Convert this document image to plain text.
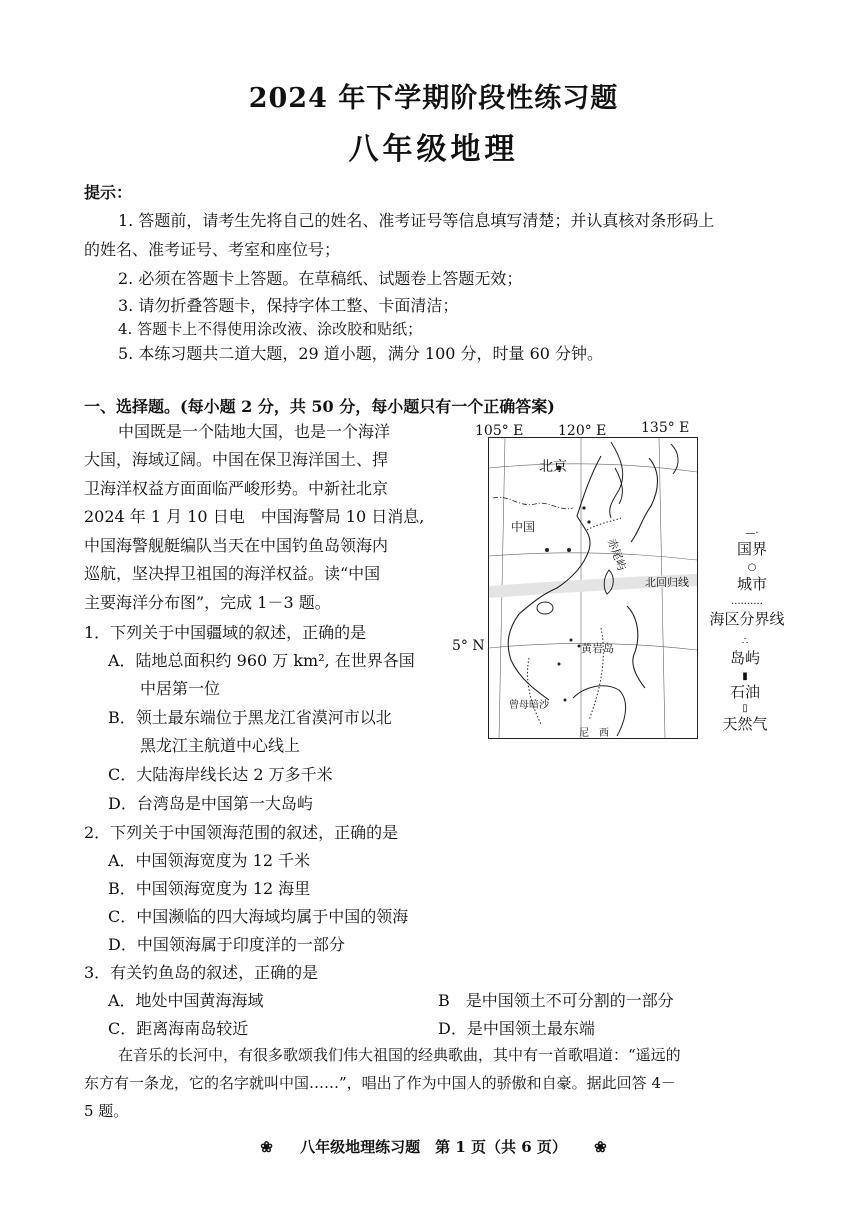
2024 年下学期阶段性练习题
八年级地理
提示：
1. 答题前，请考生先将自己的姓名、准考证号等信息填写清楚；并认真核对条形码上
的姓名、准考证号、考室和座位号；
2. 必须在答题卡上答题。在草稿纸、试题卷上答题无效；
3. 请勿折叠答题卡，保持字体工整、卡面清洁；
4. 答题卡上不得使用涂改液、涂改胶和贴纸；
5. 本练习题共二道大题，29 道小题，满分 100 分，时量 60 分钟。
一、选择题。(每小题 2 分，共 50 分，每小题只有一个正确答案)
中国既是一个陆地大国，也是一个海洋
大国，海域辽阔。中国在保卫海洋国土、捍
卫海洋权益方面面临严峻形势。中新社北京
2024 年 1 月 10 日电　中国海警局 10 日消息,
中国海警舰艇编队当天在中国钓鱼岛领海内
巡航，坚决捍卫祖国的海洋权益。读“中国
主要海洋分布图”，完成 1－3 题。
105° E 120° E 135° E
5° N
北京
中国
赤尾屿
北回归线
黄岩岛
曾母暗沙
尼　西
—·
国界
○
城市
··········
海区分界线
∴
岛屿
▮
石油
▯
天然气
1．下列关于中国疆域的叙述，正确的是
A．陆地总面积约 960 万 km², 在世界各国
中居第一位
B．领土最东端位于黑龙江省漠河市以北
黑龙江主航道中心线上
C．大陆海岸线长达 2 万多千米
D．台湾岛是中国第一大岛屿
2．下列关于中国领海范围的叙述，正确的是
A．中国领海宽度为 12 千米
B．中国领海宽度为 12 海里
C．中国濒临的四大海域均属于中国的领海
D．中国领海属于印度洋的一部分
3．有关钓鱼岛的叙述，正确的是
A．地处中国黄海海域	B　是中国领土不可分割的一部分
C．距离海南岛较近	D．是中国领土最东端
在音乐的长河中，有很多歌颂我们伟大祖国的经典歌曲，其中有一首歌唱道：“遥远的
东方有一条龙，它的名字就叫中国……”，唱出了作为中国人的骄傲和自豪。据此回答 4－
5 题。
❀ 八年级地理练习题　第 1 页（共 6 页） ❀
